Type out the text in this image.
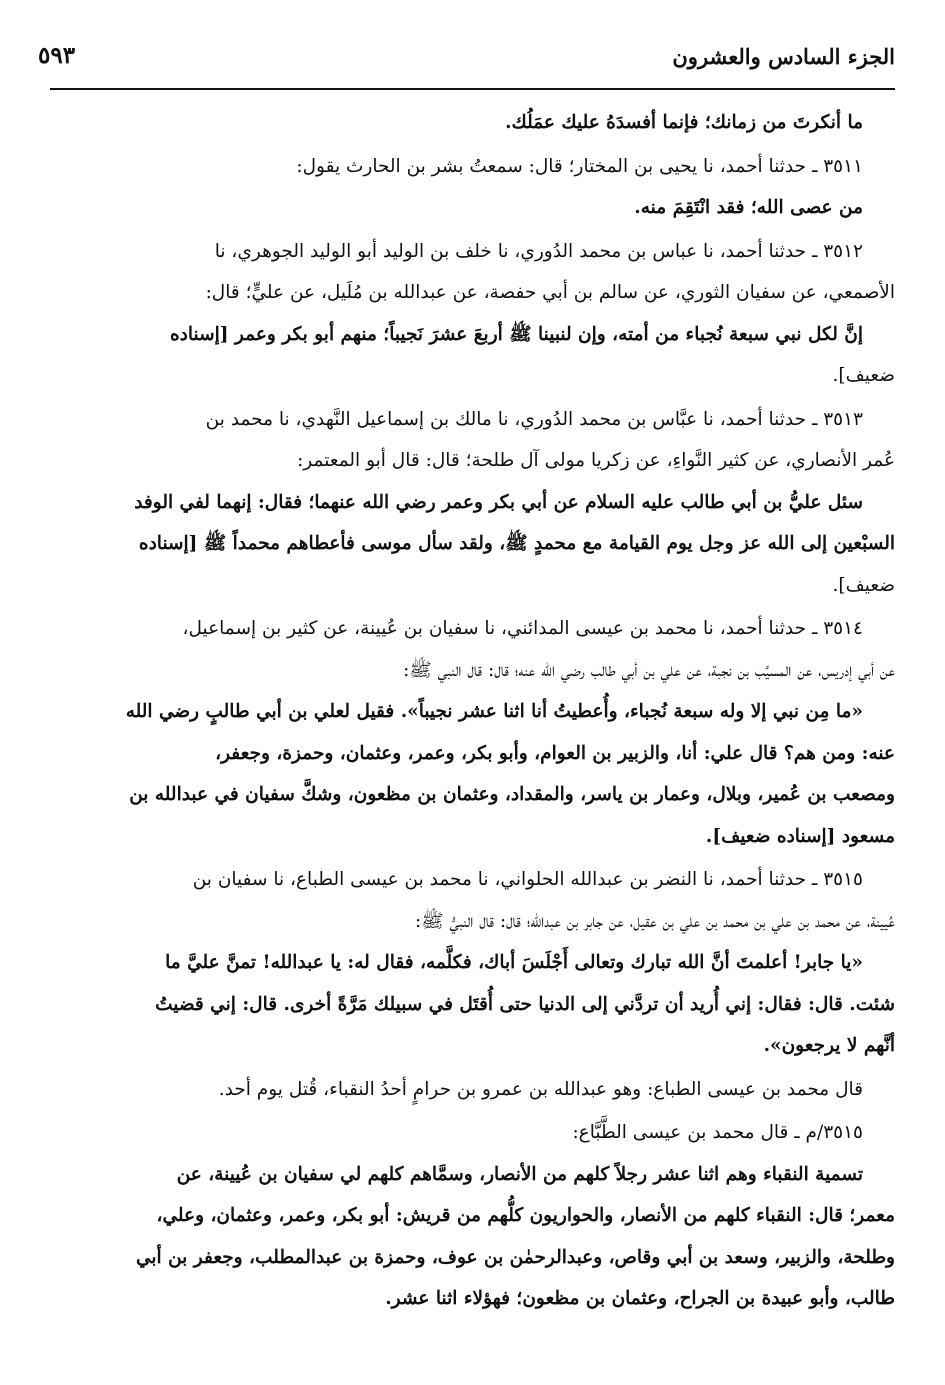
الجزء السادس والعشرون
٥٩٣
ما أنكرتَ من زمانك؛ فإنما أفسدَهُ عليك عمَلُك.
٣٥١١ ـ حدثنا أحمد، نا يحيى بن المختار؛ قال: سمعتُ بشر بن الحارث يقول:
من عصى الله؛ فقد انْتَقِمَ منه.
٣٥١٢ ـ حدثنا أحمد، نا عباس بن محمد الدُوري، نا خلف بن الوليد أبو الوليد الجوهري، نا
الأصمعي، عن سفيان الثوري، عن سالم بن أبي حفصة، عن عبدالله بن مُلَيل، عن عليٍّ؛ قال:
إنَّ لكل نبي سبعة نُجباء من أمته، وإن لنبينا ﷺ أربعَ عشرَ نَجيباً؛ منهم أبو بكر وعمر [إسناده
ضعيف].
٣٥١٣ ـ حدثنا أحمد، نا عبَّاس بن محمد الدُوري، نا مالك بن إسماعيل النَّهدي، نا محمد بن
عُمر الأنصاري، عن كثير النَّواءِ، عن زكريا مولى آل طلحة؛ قال: قال أبو المعتمر:
سئل عليُّ بن أبي طالب عليه السلام عن أبي بكر وعمر رضي الله عنهما؛ فقال: إنهما لفي الوفد
السبْعين إلى الله عز وجل يوم القيامة مع محمدٍ ﷺ، ولقد سأل موسى فأعطاهم محمداً ﷺ [إسناده
ضعيف].
٣٥١٤ ـ حدثنا أحمد، نا محمد بن عيسى المدائني، نا سفيان بن عُيينة، عن كثير بن إسماعيل،
عن أبي إدريس، عن المسيَّب بن نجبة، عن علي بن أبي طالب رضي الله عنه؛ قال: قال النبي ﷺ:
«ما مِن نبي إلا وله سبعة نُجباء، وأُعطيتُ أنا اثنا عشر نجيباً». فقيل لعلي بن أبي طالبٍ رضي الله
عنه: ومن هم؟ قال علي: أنا، والزبير بن العوام، وأبو بكر، وعمر، وعثمان، وحمزة، وجعفر،
ومصعب بن عُمير، وبلال، وعمار بن ياسر، والمقداد، وعثمان بن مظعون، وشكَّ سفيان في عبدالله بن
مسعود [إسناده ضعيف].
٣٥١٥ ـ حدثنا أحمد، نا النضر بن عبدالله الحلواني، نا محمد بن عيسى الطباع، نا سفيان بن
عُيينة، عن محمد بن علي بن محمد بن علي بن عقيل، عن جابر بن عبدالله؛ قال: قال النبيُّ ﷺ:
«يا جابر! أعلمتَ أنَّ الله تبارك وتعالى أَجْلَسَ أباك، فكلَّمه، فقال له: يا عبدالله! تمنَّ عليَّ ما
شئت. قال: فقال: إني أُريد أن تردَّني إلى الدنيا حتى أُقتَل في سبيلك مَرَّةً أخرى. قال: إني قضيتُ
أنَّهم لا يرجعون».
قال محمد بن عيسى الطباع: وهو عبدالله بن عمرو بن حرامٍ أحدُ النقباء، قُتل يوم أحد.
٣٥١٥/م ـ قال محمد بن عيسى الطَّبَّاع:
تسمية النقباء وهم اثنا عشر رجلاً كلهم من الأنصار، وسمَّاهم كلهم لي سفيان بن عُيينة، عن
معمر؛ قال: النقباء كلهم من الأنصار، والحواريون كلُّهم من قريش: أبو بكر، وعمر، وعثمان، وعلي،
وطلحة، والزبير، وسعد بن أبي وقاص، وعبدالرحمٰن بن عوف، وحمزة بن عبدالمطلب، وجعفر بن أبي
طالب، وأبو عبيدة بن الجراح، وعثمان بن مظعون؛ فهؤلاء اثنا عشر.
